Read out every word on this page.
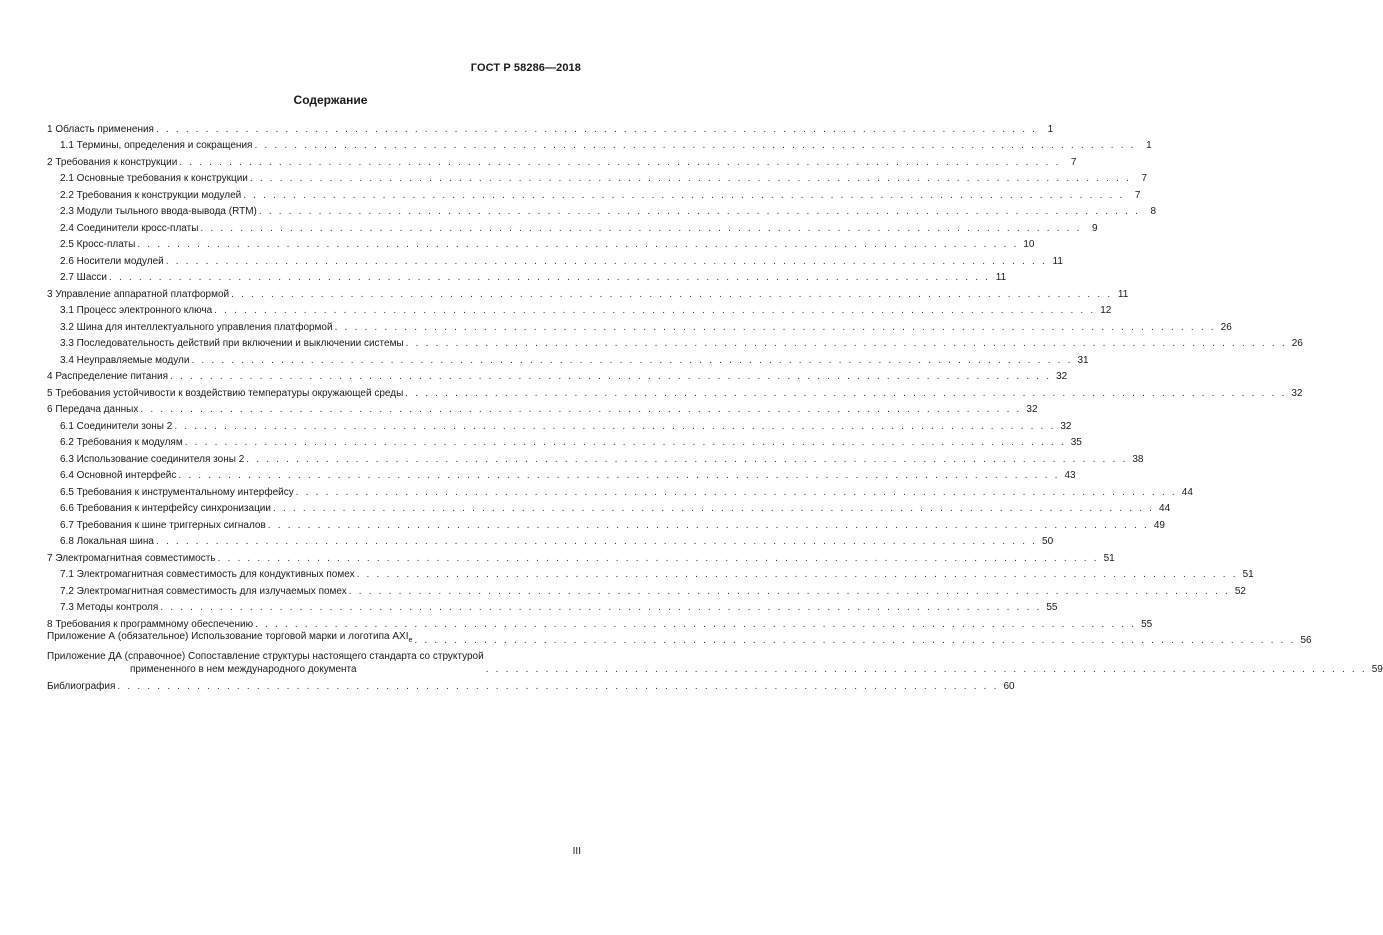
ГОСТ Р 58286—2018
Содержание
1 Область применения . . . . . . . . . . . . . . . . . . . . . . . . . . . . . . . . . . . . . . . . . . . . . . . . . . . . . . . . . . . . . . . . . . . . . . . . . . . . . . . . . . . . . . . . .	1
1.1 Термины, определения и сокращения . . . . . . . . . . . . . . . . . . . . . . . . . . . . . . . . . . . . . . . . . . . . . . . . . . . . . . . . . . . . . . . . . . . . . . . . . . . . . . . . . . . . . . . . .	1
2 Требования к конструкции . . . . . . . . . . . . . . . . . . . . . . . . . . . . . . . . . . . . . . . . . . . . . . . . . . . . . . . . . . . . . . . . . . . . . . . . . . . . . . . . . . . . . . . . .	7
2.1 Основные требования к конструкции . . . . . . . . . . . . . . . . . . . . . . . . . . . . . . . . . . . . . . . . . . . . . . . . . . . . . . . . . . . . . . . . . . . . . . . . . . . . . . . . . . . . . . . . .	7
2.2 Требования к конструкции модулей . . . . . . . . . . . . . . . . . . . . . . . . . . . . . . . . . . . . . . . . . . . . . . . . . . . . . . . . . . . . . . . . . . . . . . . . . . . . . . . . . . . . . . . . .	7
2.3 Модули тыльного ввода-вывода (RTM) . . . . . . . . . . . . . . . . . . . . . . . . . . . . . . . . . . . . . . . . . . . . . . . . . . . . . . . . . . . . . . . . . . . . . . . . . . . . . . . . . . . . . . . . .	8
2.4 Соединители кросс-платы . . . . . . . . . . . . . . . . . . . . . . . . . . . . . . . . . . . . . . . . . . . . . . . . . . . . . . . . . . . . . . . . . . . . . . . . . . . . . . . . . . . . . . . . .	9
2.5 Кросс-платы . . . . . . . . . . . . . . . . . . . . . . . . . . . . . . . . . . . . . . . . . . . . . . . . . . . . . . . . . . . . . . . . . . . . . . . . . . . . . . . . . . . . . . . . . 10
2.6 Носители модулей . . . . . . . . . . . . . . . . . . . . . . . . . . . . . . . . . . . . . . . . . . . . . . . . . . . . . . . . . . . . . . . . . . . . . . . . . . . . . . . . . . . . . . . . . 11
2.7 Шасси . . . . . . . . . . . . . . . . . . . . . . . . . . . . . . . . . . . . . . . . . . . . . . . . . . . . . . . . . . . . . . . . . . . . . . . . . . . . . . . . . . . . . . . . . 11
3 Управление аппаратной платформой . . . . . . . . . . . . . . . . . . . . . . . . . . . . . . . . . . . . . . . . . . . . . . . . . . . . . . . . . . . . . . . . . . . . . . . . . . . . . . . . . . . . . . . . . 11
3.1 Процесс электронного ключа . . . . . . . . . . . . . . . . . . . . . . . . . . . . . . . . . . . . . . . . . . . . . . . . . . . . . . . . . . . . . . . . . . . . . . . . . . . . . . . . . . . . . . . . . 12
3.2 Шина для интеллектуального управления платформой . . . . . . . . . . . . . . . . . . . . . . . . . . . . . . . . . . . . . . . . . . . . . . . . . . . . . . . . . . . . . . . . . . . . . . . . . . . . . . . . . . . . . . . . . 26
3.3 Последовательность действий при включении и выключении системы . . . . . . . . . . . . . . . . . . . . . . . . . . . . . . . . . . . . . . . . . . . . . . . . . . . . . . . . . . . . . . . . . . . . . . . . . . . . . . . . . . . . . . . . . 26
3.4 Неуправляемые модули . . . . . . . . . . . . . . . . . . . . . . . . . . . . . . . . . . . . . . . . . . . . . . . . . . . . . . . . . . . . . . . . . . . . . . . . . . . . . . . . . . . . . . . . . 31
4 Распределение питания . . . . . . . . . . . . . . . . . . . . . . . . . . . . . . . . . . . . . . . . . . . . . . . . . . . . . . . . . . . . . . . . . . . . . . . . . . . . . . . . . . . . . . . . . 32
5 Требования устойчивости к воздействию температуры окружающей среды . . . . . . . . . . . . . . . . . . . . . . . . . . . . . . . . . . . . . . . . . . . . . . . . . . . . . . . . . . . . . . . . . . . . . . . . . . . . . . . . . . . . . . . . . 32
6 Передача данных . . . . . . . . . . . . . . . . . . . . . . . . . . . . . . . . . . . . . . . . . . . . . . . . . . . . . . . . . . . . . . . . . . . . . . . . . . . . . . . . . . . . . . . . . 32
6.1 Соединители зоны 2 . . . . . . . . . . . . . . . . . . . . . . . . . . . . . . . . . . . . . . . . . . . . . . . . . . . . . . . . . . . . . . . . . . . . . . . . . . . . . . . . . . . . . . . . . 32
6.2 Требования к модулям . . . . . . . . . . . . . . . . . . . . . . . . . . . . . . . . . . . . . . . . . . . . . . . . . . . . . . . . . . . . . . . . . . . . . . . . . . . . . . . . . . . . . . . . . 35
6.3 Использование соединителя зоны 2 . . . . . . . . . . . . . . . . . . . . . . . . . . . . . . . . . . . . . . . . . . . . . . . . . . . . . . . . . . . . . . . . . . . . . . . . . . . . . . . . . . . . . . . . . 38
6.4 Основной интерфейс . . . . . . . . . . . . . . . . . . . . . . . . . . . . . . . . . . . . . . . . . . . . . . . . . . . . . . . . . . . . . . . . . . . . . . . . . . . . . . . . . . . . . . . . . 43
6.5 Требования к инструментальному интерфейсу . . . . . . . . . . . . . . . . . . . . . . . . . . . . . . . . . . . . . . . . . . . . . . . . . . . . . . . . . . . . . . . . . . . . . . . . . . . . . . . . . . . . . . . . . 44
6.6 Требования к интерфейсу синхронизации . . . . . . . . . . . . . . . . . . . . . . . . . . . . . . . . . . . . . . . . . . . . . . . . . . . . . . . . . . . . . . . . . . . . . . . . . . . . . . . . . . . . . . . . . 44
6.7 Требования к шине триггерных сигналов . . . . . . . . . . . . . . . . . . . . . . . . . . . . . . . . . . . . . . . . . . . . . . . . . . . . . . . . . . . . . . . . . . . . . . . . . . . . . . . . . . . . . . . . . 49
6.8 Локальная шина . . . . . . . . . . . . . . . . . . . . . . . . . . . . . . . . . . . . . . . . . . . . . . . . . . . . . . . . . . . . . . . . . . . . . . . . . . . . . . . . . . . . . . . . . 50
7 Электромагнитная совместимость . . . . . . . . . . . . . . . . . . . . . . . . . . . . . . . . . . . . . . . . . . . . . . . . . . . . . . . . . . . . . . . . . . . . . . . . . . . . . . . . . . . . . . . . . 51
7.1 Электромагнитная совместимость для кондуктивных помех . . . . . . . . . . . . . . . . . . . . . . . . . . . . . . . . . . . . . . . . . . . . . . . . . . . . . . . . . . . . . . . . . . . . . . . . . . . . . . . . . . . . . . . . . 51
7.2 Электромагнитная совместимость для излучаемых помех . . . . . . . . . . . . . . . . . . . . . . . . . . . . . . . . . . . . . . . . . . . . . . . . . . . . . . . . . . . . . . . . . . . . . . . . . . . . . . . . . . . . . . . . . 52
7.3 Методы контроля . . . . . . . . . . . . . . . . . . . . . . . . . . . . . . . . . . . . . . . . . . . . . . . . . . . . . . . . . . . . . . . . . . . . . . . . . . . . . . . . . . . . . . . . . 55
8 Требования к программному обеспечению . . . . . . . . . . . . . . . . . . . . . . . . . . . . . . . . . . . . . . . . . . . . . . . . . . . . . . . . . . . . . . . . . . . . . . . . . . . . . . . . . . . . . . . . . 55
Приложение А (обязательное) Использование торговой марки и логотипа $AXI_e$ . . . . . . . . . . . . . . . . . . . . . . . . . . . . . . . . . . . . . . . . . . . . . . . . . . . . . . . . . . . . . . . . . . . . . . . . . . . . . . . . . . . . . . . . . 56
Приложение ДА (справочное) Сопоставление структуры настоящего стандарта со структурой
примененного в нем международного документа	. . . . . . . . . . . . . . . . . . . . . . . . . . . . . . . . . . . . . . . . . . . . . . . . . . . . . . . . . . . . . . . . . . . . . . . . . . . . . . . . . . . . . . . . . 59
Библиография . . . . . . . . . . . . . . . . . . . . . . . . . . . . . . . . . . . . . . . . . . . . . . . . . . . . . . . . . . . . . . . . . . . . . . . . . . . . . . . . . . . . . . . . . 60
III
